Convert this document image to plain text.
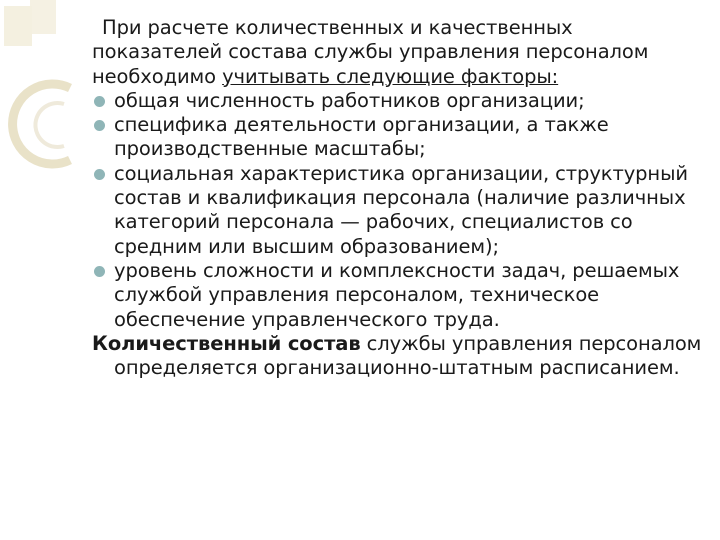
При расчете количественных и качественных показателей состава службы управления персоналом необходимо учитывать следующие факторы:

общая численность работников организации;
специфика деятельности организации, а также производственные масштабы;
социальная характеристика организации, структурный состав и квалификация персонала (наличие различных категорий персонала — рабочих, специалистов со средним или высшим образованием);
уровень сложности и комплексности задач, решаемых службой управления персоналом, техническое обеспечение управленческого труда.

Количественный состав службы управления персоналом определяется организационно-штатным расписанием.
